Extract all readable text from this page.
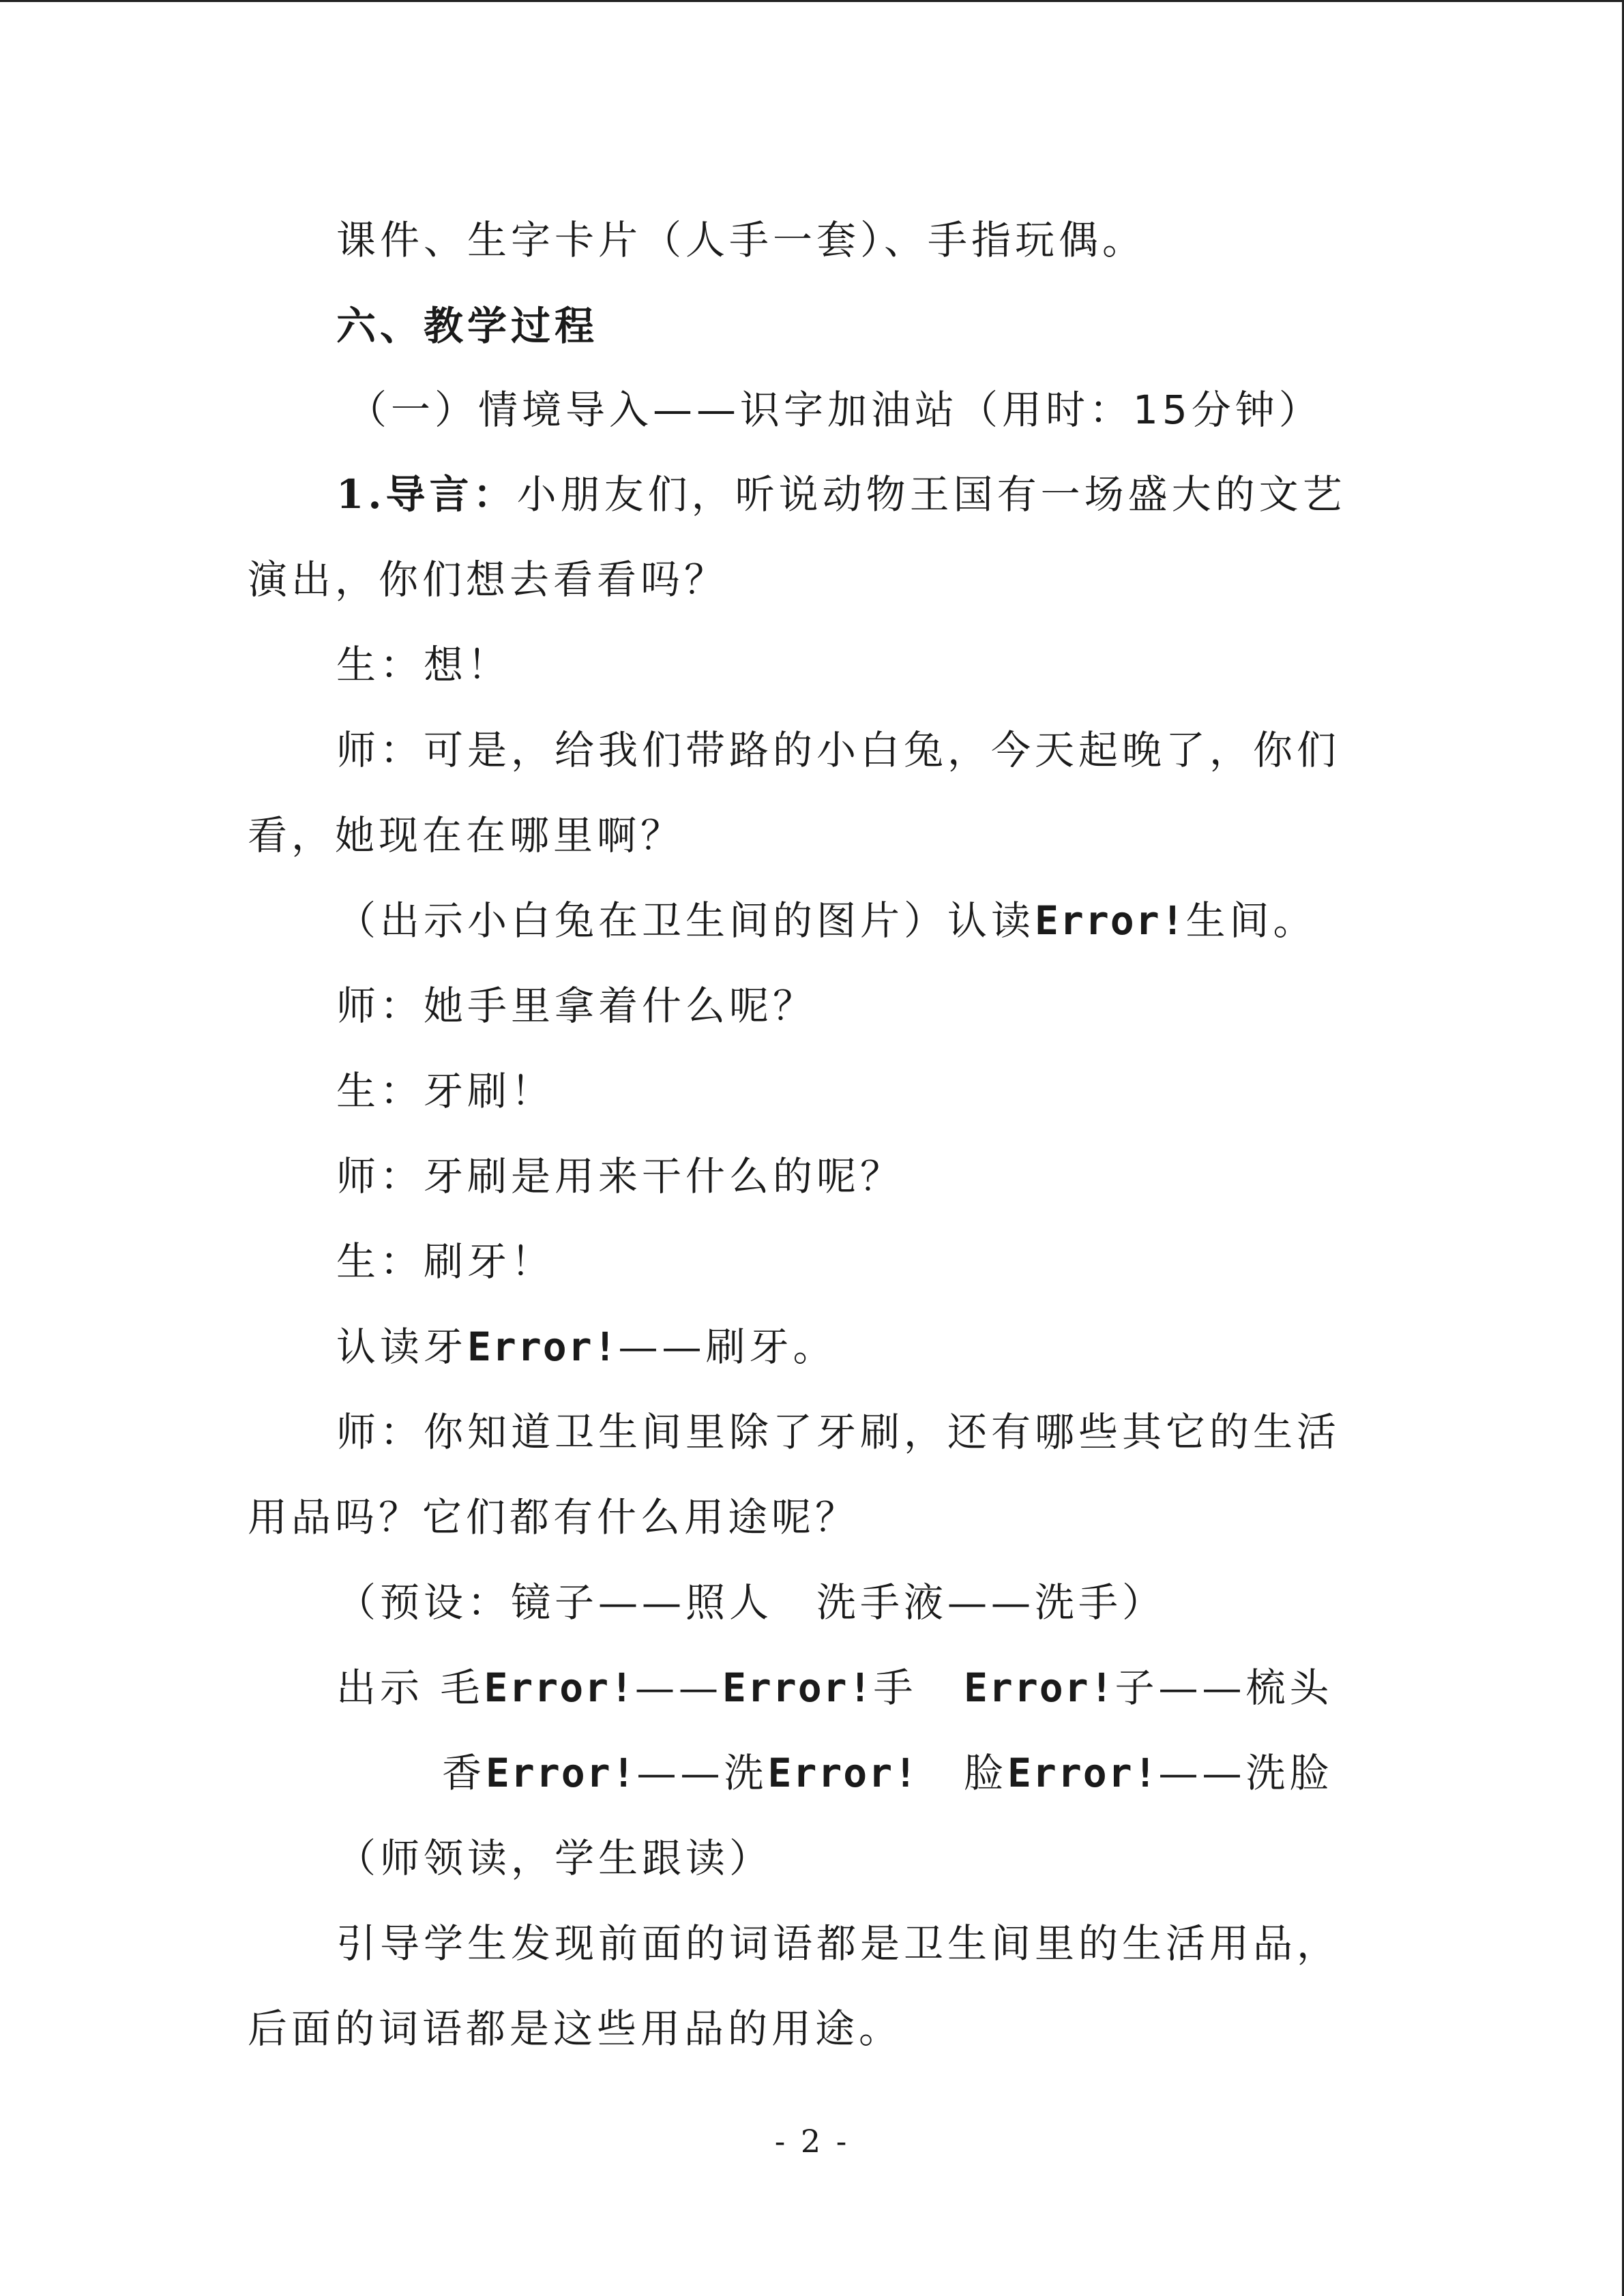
课件、生字卡片（人手一套）、手指玩偶。
六、教学过程
（一）情境导入——识字加油站（用时：15分钟）
1.导言：小朋友们，听说动物王国有一场盛大的文艺
演出，你们想去看看吗？
生：想！
师：可是，给我们带路的小白兔，今天起晚了，你们
看，她现在在哪里啊？
（出示小白兔在卫生间的图片）认读Error!生间。
师：她手里拿着什么呢？
生：牙刷！
师：牙刷是用来干什么的呢？
生：刷牙！
认读牙Error!——刷牙。
师：你知道卫生间里除了牙刷，还有哪些其它的生活
用品吗？它们都有什么用途呢？
（预设：镜子——照人　洗手液——洗手）
出示 毛Error!——Error!手 Error!子——梳头
香Error!——洗Error! 脸Error!——洗脸
（师领读，学生跟读）
引导学生发现前面的词语都是卫生间里的生活用品，
后面的词语都是这些用品的用途。
- 2 -
